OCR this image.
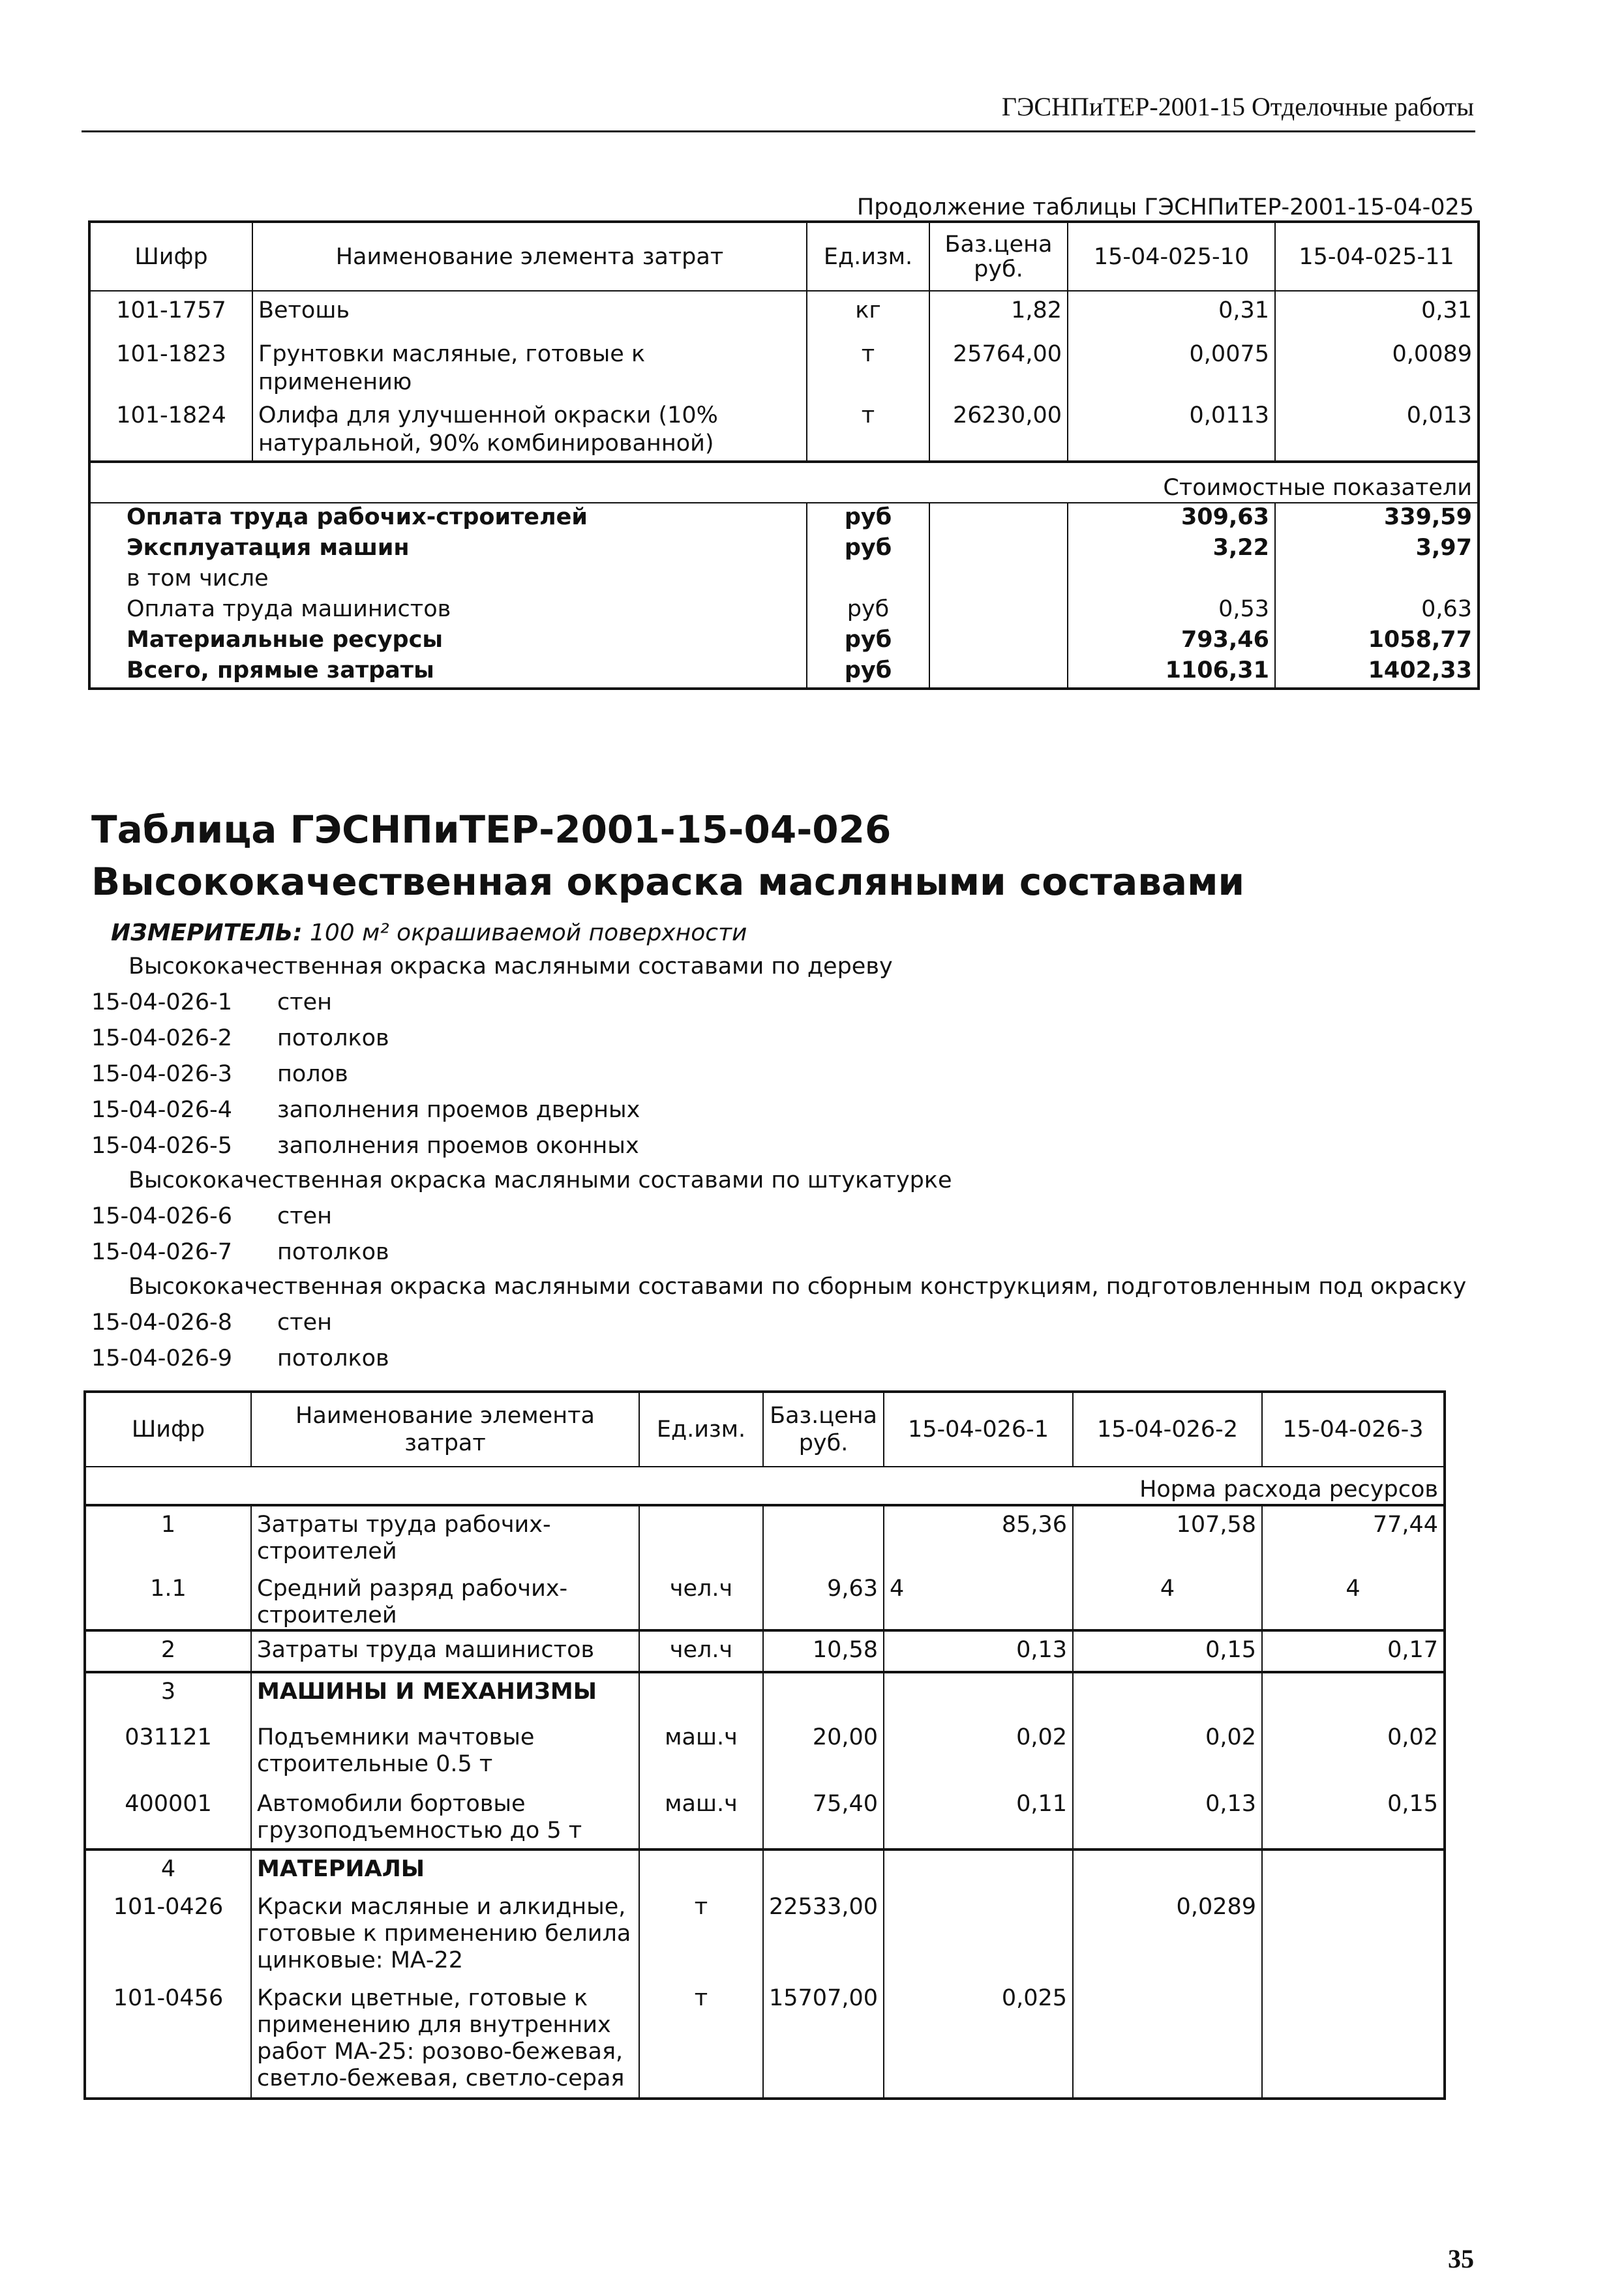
ГЭСНПиТЕР-2001-15 Отделочные работы
Продолжение таблицы ГЭСНПиТЕР-2001-15-04-025
Шифр	Наименование элемента затрат	Ед.изм.	Баз.цена руб.	15-04-025-10	15-04-025-11
101-1757	Ветошь	кг	1,82	0,31	0,31
101-1823	Грунтовки масляные, готовые к применению	т	25764,00	0,0075	0,0089
101-1824	Олифа для улучшенной окраски (10% натуральной, 90% комбинированной)	т	26230,00	0,0113	0,013
Стоимостные показатели					
Оплата труда рабочих-строителей		руб		309,63	339,59
Эксплуатация машин		руб		3,22	3,97
в том числе					
Оплата труда машинистов		руб		0,53	0,63
Материальные ресурсы		руб		793,46	1058,77
Всего, прямые затраты		руб		1106,31	1402,33
Таблица ГЭСНПиТЕР-2001-15-04-026
Высококачественная окраска масляными составами
ИЗМЕРИТЕЛЬ: 100 м² окрашиваемой поверхности
Высококачественная окраска масляными составами по дереву
15-04-026-1 стен
15-04-026-2 потолков
15-04-026-3 полов
15-04-026-4 заполнения проемов дверных
15-04-026-5 заполнения проемов оконных
Высококачественная окраска масляными составами по штукатурке
15-04-026-6 стен
15-04-026-7 потолков
Высококачественная окраска масляными составами по сборным конструкциям, подготовленным под окраску
15-04-026-8 стен
15-04-026-9 потолков
Шифр	Наименование элемента затрат	Ед.изм.	Баз.цена руб.	15-04-026-1	15-04-026-2	15-04-026-3
Норма расхода ресурсов						
1	Затраты труда рабочих-строителей			85,36	107,58	77,44
1.1	Средний разряд рабочих-строителей	чел.ч	9,63	4	4	4
2	Затраты труда машинистов	чел.ч	10,58	0,13	0,15	0,17
3	МАШИНЫ И МЕХАНИЗМЫ					
031121	Подъемники мачтовые строительные 0.5 т	маш.ч	20,00	0,02	0,02	0,02
400001	Автомобили бортовые грузоподъемностью до 5 т	маш.ч	75,40	0,11	0,13	0,15
4	МАТЕРИАЛЫ					
101-0426	Краски масляные и алкидные, готовые к применению белила цинковые: МА-22	т	22533,00		0,0289	
101-0456	Краски цветные, готовые к применению для внутренних работ МА-25: розово-бежевая, светло-бежевая, светло-серая	т	15707,00	0,025		
35
